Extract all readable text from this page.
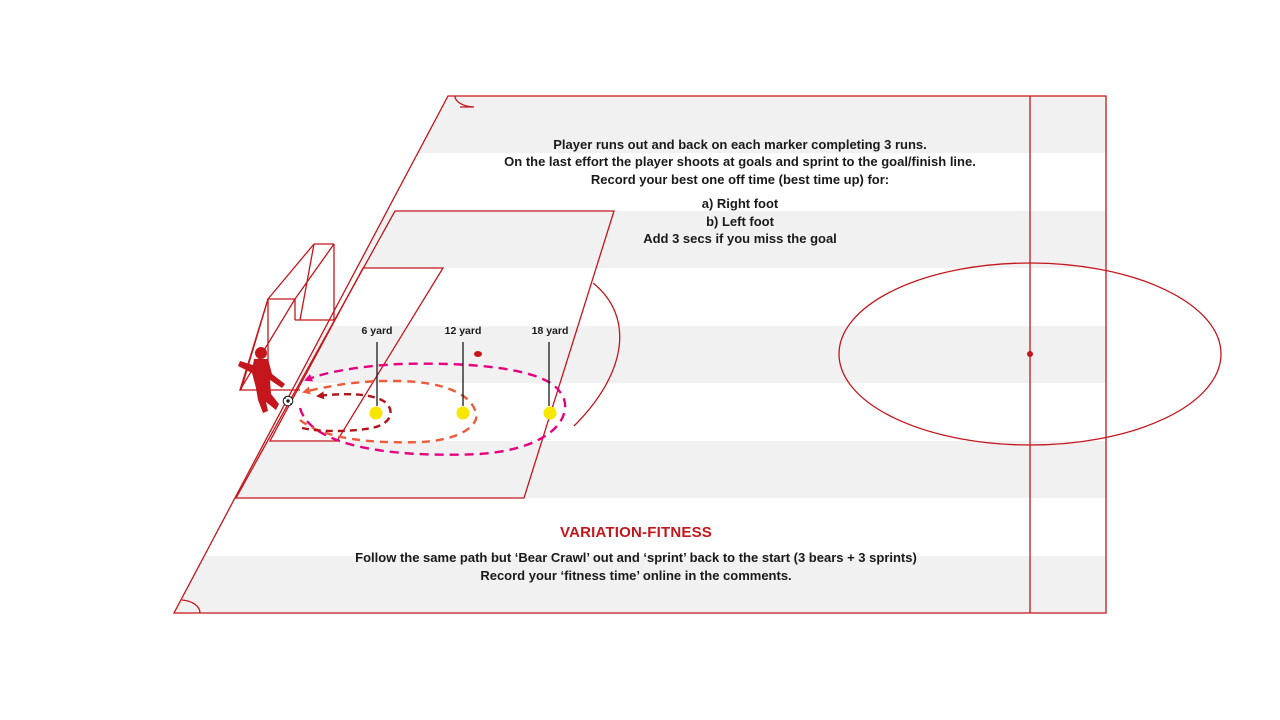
Player runs out and back on each marker completing 3 runs.
On the last effort the player shoots at goals and sprint to the goal/finish line.
Record your best one off time (best time up) for:
a) Right foot
b) Left foot
Add 3 secs if you miss the goal
6 yard	12 yard	18 yard
VARIATION-FITNESS
Follow the same path but ‘Bear Crawl’ out and ‘sprint’ back to the start (3 bears + 3 sprints)
Record your ‘fitness time’ online in the comments.
